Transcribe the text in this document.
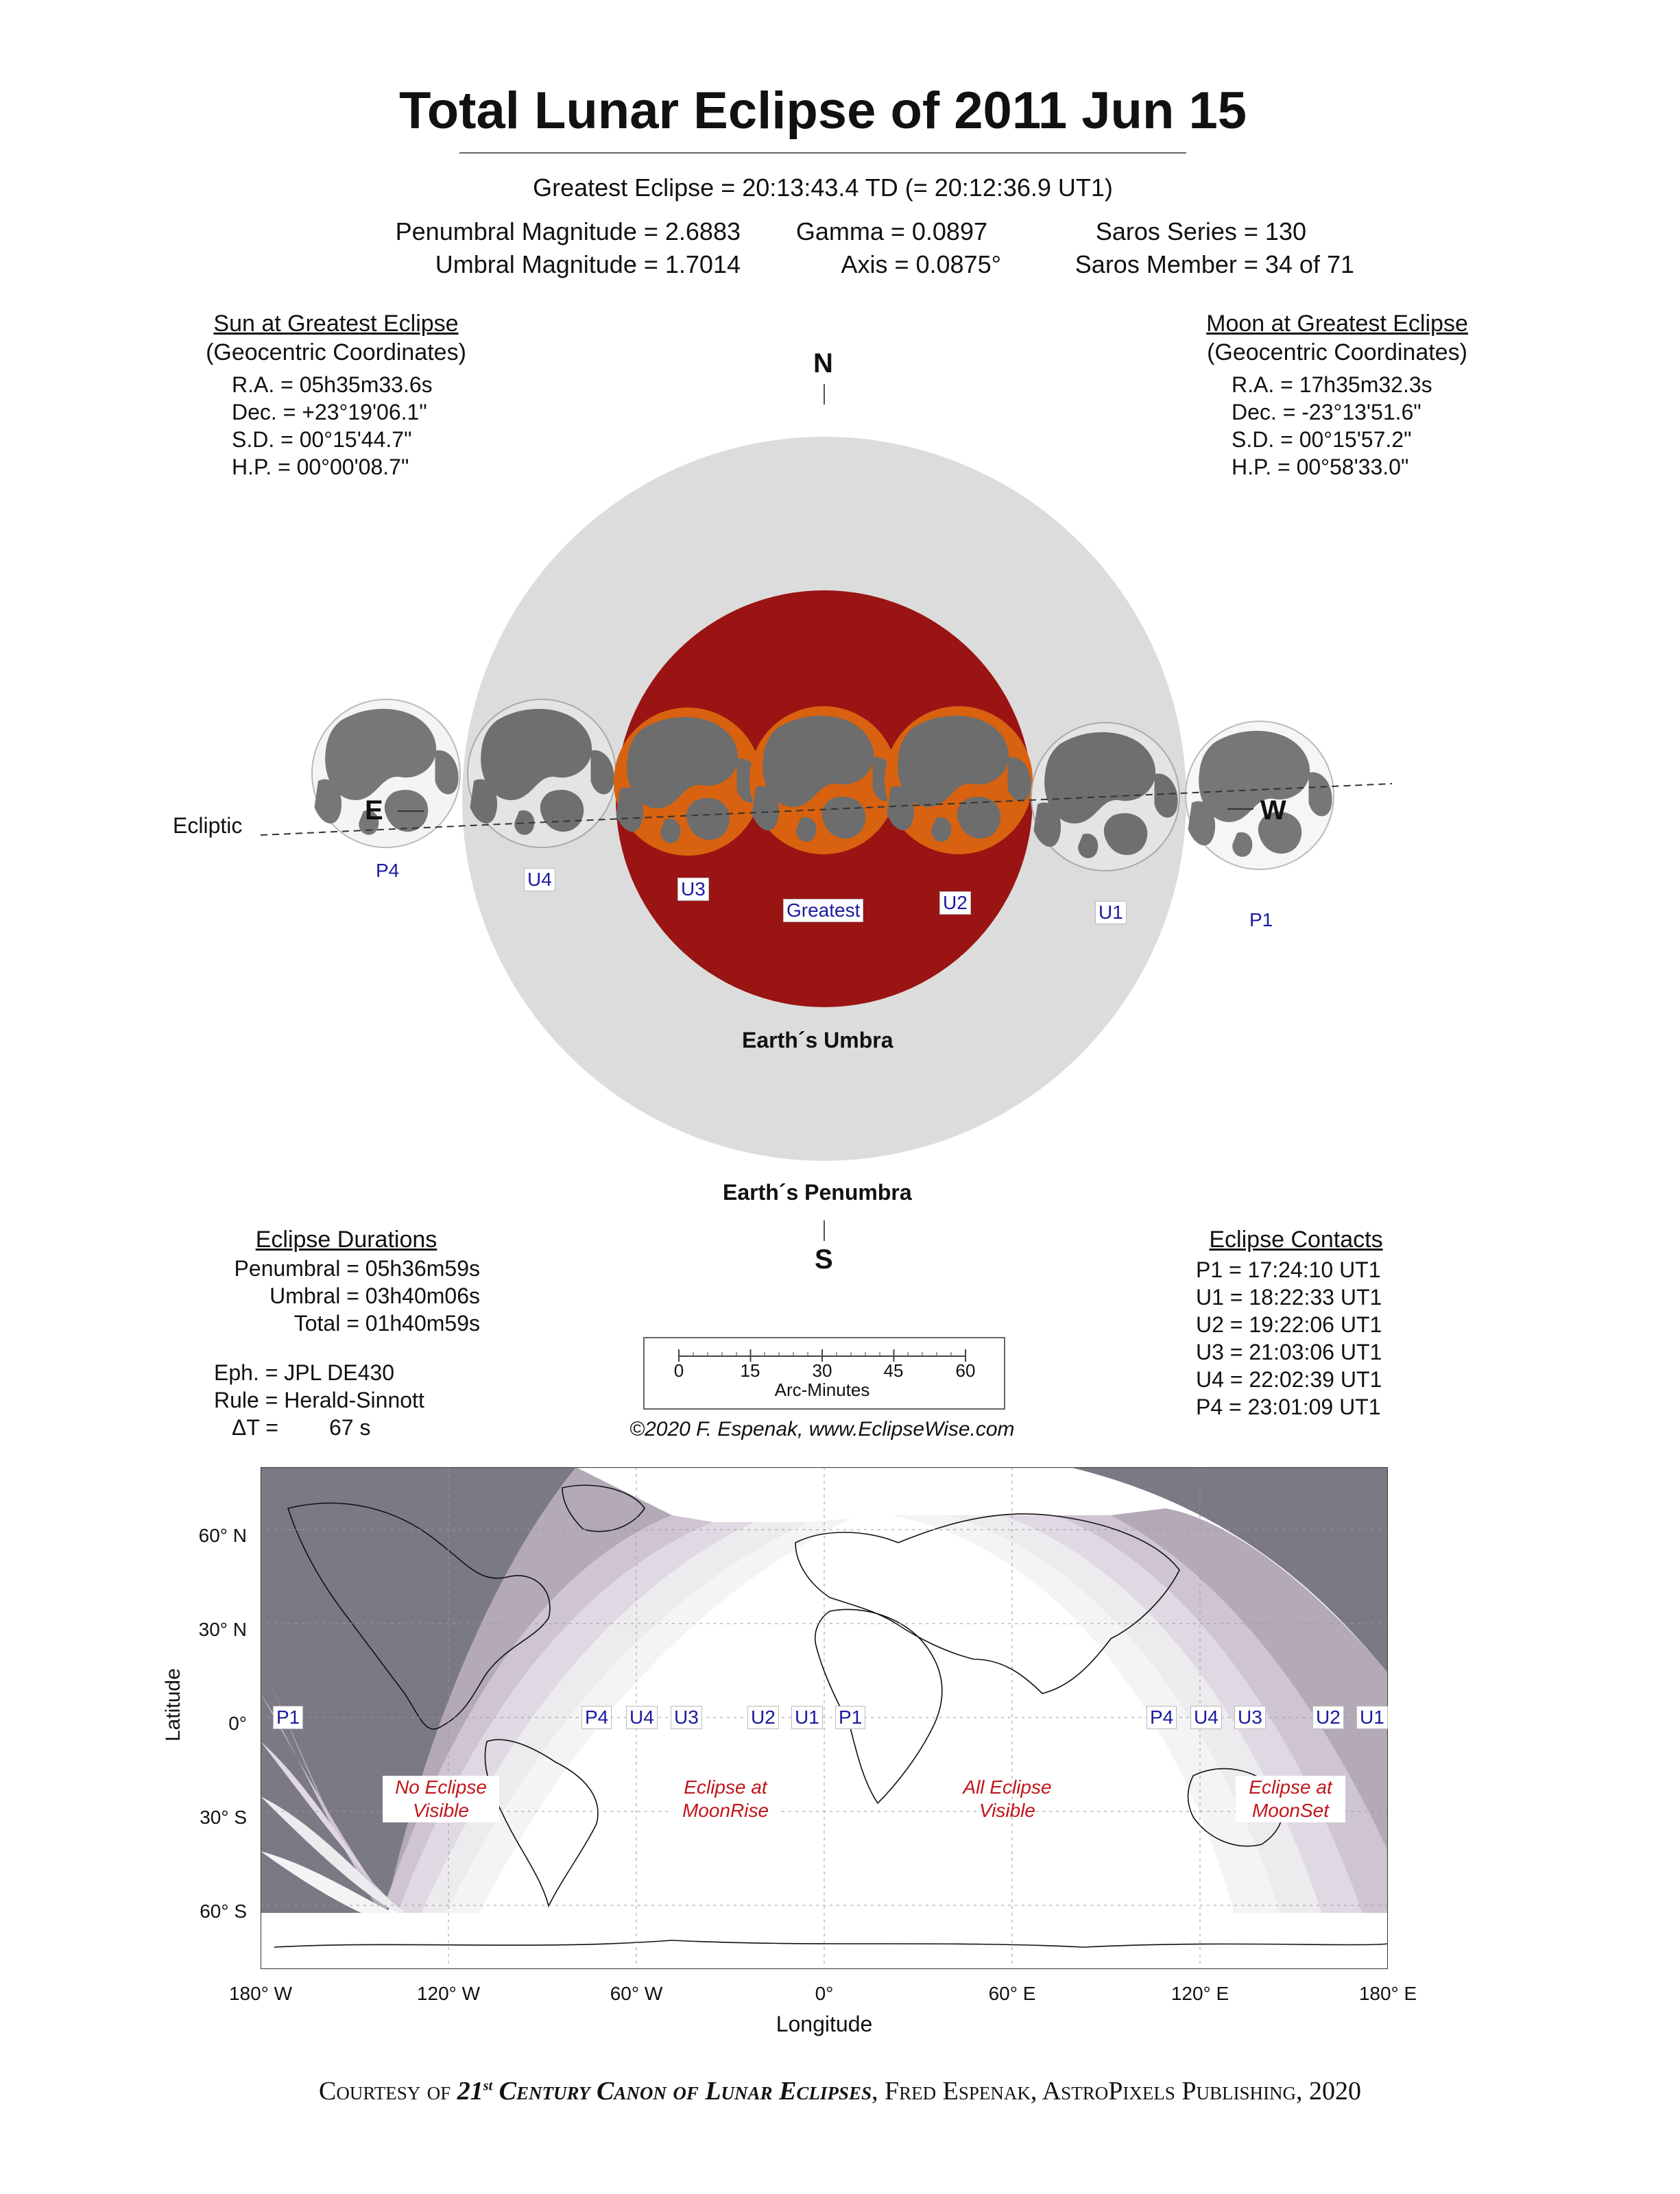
Total Lunar Eclipse of 2011 Jun 15
Greatest Eclipse = 20:13:43.4 TD (= 20:12:36.9 UT1)
Penumbral Magnitude = 2.6883
Umbral Magnitude = 1.7014
Gamma = 0.0897
Axis = 0.0875°
Saros Series = 130
Saros Member = 34 of 71
Sun at Greatest Eclipse
(Geocentric Coordinates)
R.A. = 05h35m33.6s
Dec. = +23°19'06.1"
S.D. = 00°15'44.7"
H.P. = 00°00'08.7"
Moon at Greatest Eclipse
(Geocentric Coordinates)
R.A. = 17h35m32.3s
Dec. = -23°13'51.6"
S.D. = 00°15'57.2"
H.P. = 00°58'33.0"
N
S
E	W
Ecliptic
P4	U4	U3
Greatest	U2	U1	P1
Earth´s Umbra
Earth´s Penumbra
Eclipse Durations
Penumbral = 05h36m59s
Umbral = 03h40m06s
Total = 01h40m59s
Eph. = JPL DE430
Rule = Herald-Sinnott
ΔT = 67 s
0	15	30	45	60
Arc-Minutes
©2020 F. Espenak, www.EclipseWise.com
Eclipse Contacts
P1 = 17:24:10 UT1
U1 = 18:22:33 UT1
U2 = 19:22:06 UT1
U3 = 21:03:06 UT1
U4 = 22:02:39 UT1
P4 = 23:01:09 UT1
P1	P4 U4 U3	U2 U1 P1	P4 U4 U3	U2 U1
No Eclipse
Visible
Eclipse at
MoonRise
All Eclipse
Visible
Eclipse at
MoonSet
60° N
30° N
0°
30° S
60° S
Latitude
180° W	120° W	60° W	0°	60° E	120° E	180° E
Longitude
Courtesy of 21st Century Canon of Lunar Eclipses, Fred Espenak, AstroPixels Publishing, 2020
